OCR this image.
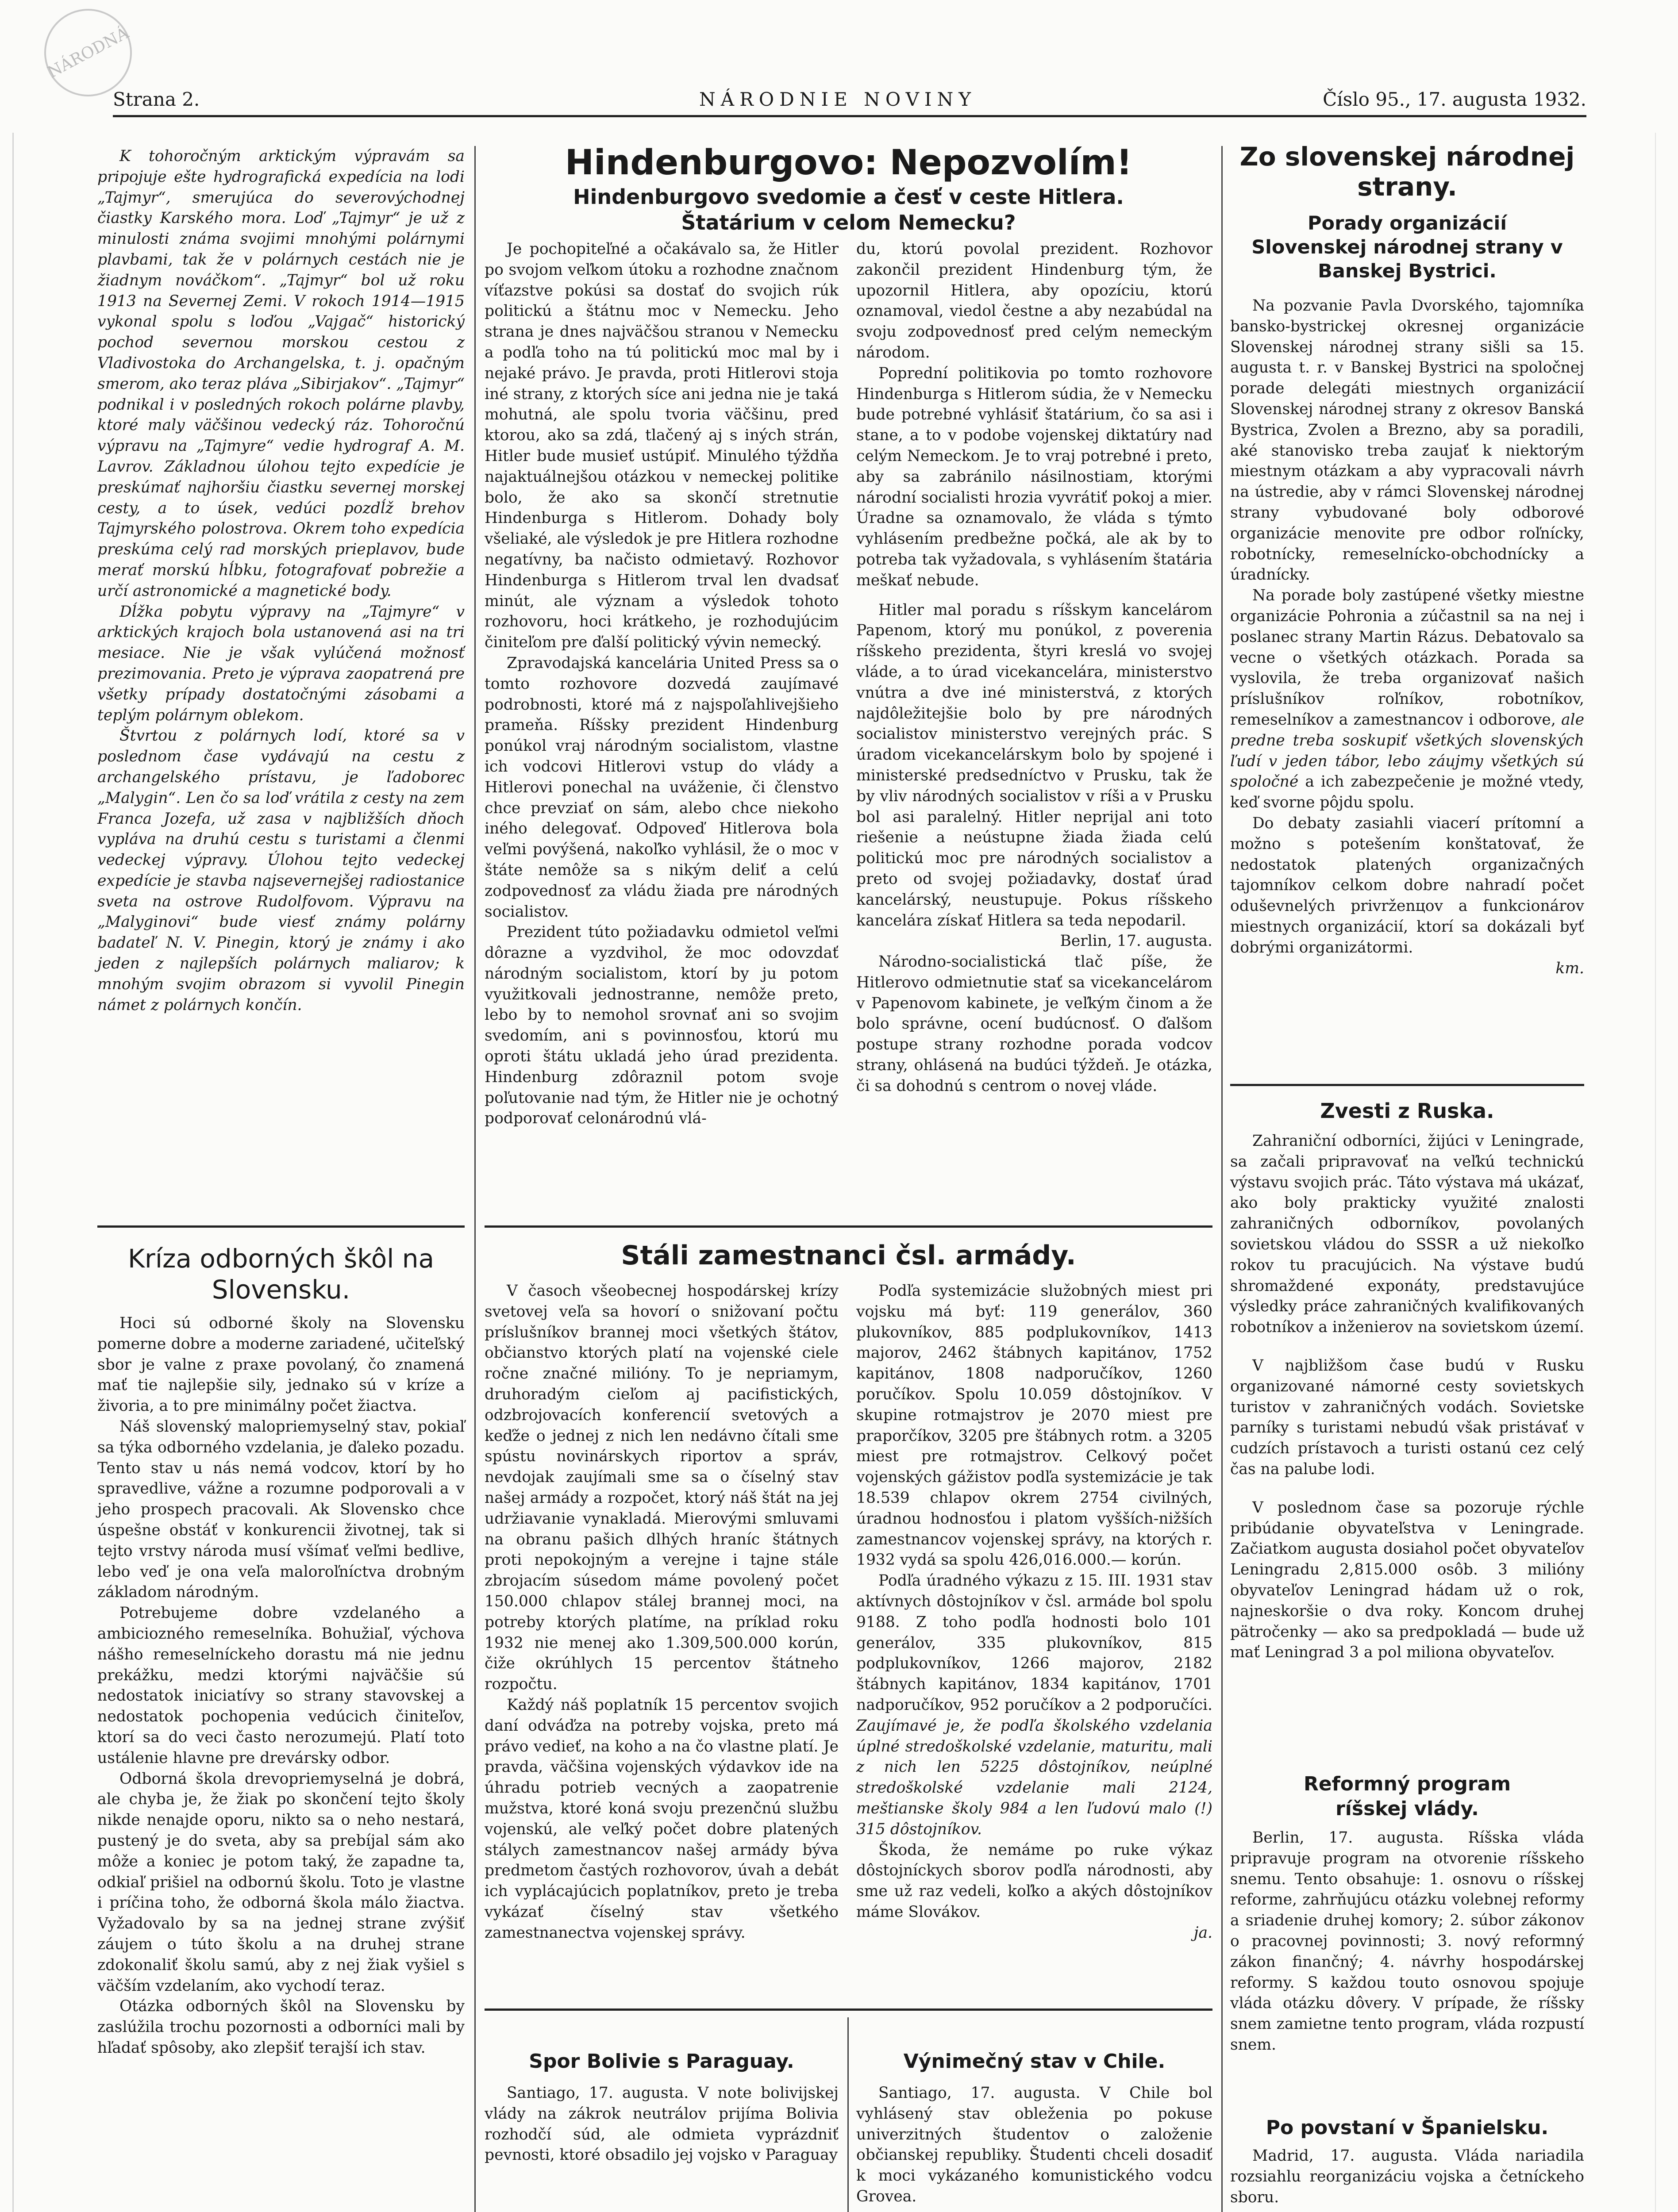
NÁRODNÁ
Strana 2.	NÁRODNIE NOVINY	Číslo 95., 17. augusta 1932.

K tohoročným arktickým výpravám sa pripojuje ešte hydrografická expedícia na lodi „Tajmyr“, smerujúca do severovýchodnej čiastky Karského mora. Loď „Tajmyr“ je už z minulosti známa svojimi mnohými polárnymi plavbami, tak že v polárnych cestách nie je žiadnym nováčkom“. „Tajmyr“ bol už roku 1913 na Severnej Zemi. V rokoch 1914—1915 vykonal spolu s loďou „Vajgač“ historický pochod severnou morskou cestou z Vladivostoka do Archangelska, t. j. opačným smerom, ako teraz pláva „Sibirjakov“. „Tajmyr“ podnikal i v posledných rokoch polárne plavby, ktoré maly väčšinou vedecký ráz. Tohoročnú výpravu na „Tajmyre“ vedie hydrograf A. M. Lavrov. Základnou úlohou tejto expedície je preskúmať najhoršiu čiastku severnej morskej cesty, a to úsek, vedúci pozdĺž brehov Tajmyrského polostrova. Okrem toho expedícia preskúma celý rad morských prieplavov, bude merať morskú hĺbku, fotografovať pobrežie a určí astronomické a magnetické body.

Dĺžka pobytu výpravy na „Tajmyre“ v arktických krajoch bola ustanovená asi na tri mesiace. Nie je však vylúčená možnosť prezimovania. Preto je výprava zaopatrená pre všetky prípady dostatočnými zásobami a teplým polárnym oblekom.

Štvrtou z polárnych lodí, ktoré sa v poslednom čase vydávajú na cestu z archangelského prístavu, je ľadoborec „Malygin“. Len čo sa loď vrátila z cesty na zem Franca Jozefa, už zasa v najbližších dňoch vypláva na druhú cestu s turistami a členmi vedeckej výpravy. Úlohou tejto vedeckej expedície je stavba najsevernejšej radiostanice sveta na ostrove Rudolfovom. Výpravu na „Malyginovi“ bude viesť známy polárny badateľ N. V. Pinegin, ktorý je známy i ako jeden z najlepších polárnych maliarov; k mnohým svojim obrazom si vyvolil Pinegin námet z polárnych končín.

Kríza odborných škôl na Slovensku.

Hoci sú odborné školy na Slovensku pomerne dobre a moderne zariadené, učiteľský sbor je valne z praxe povolaný, čo znamená mať tie najlepšie sily, jednako sú v kríze a živoria, a to pre minimálny počet žiactva.

Náš slovenský malopriemyselný stav, pokiaľ sa týka odborného vzdelania, je ďaleko pozadu. Tento stav u nás nemá vodcov, ktorí by ho spravedlive, vážne a rozumne podporovali a v jeho prospech pracovali. Ak Slovensko chce úspešne obstáť v konkurencii životnej, tak si tejto vrstvy národa musí všímať veľmi bedlive, lebo veď je ona veľa maloroľníctva drobným základom národným.

Potrebujeme dobre vzdelaného a ambiciozného remeselníka. Bohužiaľ, výchova nášho remeselníckeho dorastu má nie jednu prekážku, medzi ktorými najväčšie sú nedostatok iniciatívy so strany stavovskej a nedostatok pochopenia vedúcich činiteľov, ktorí sa do veci často nerozumejú. Platí toto ustálenie hlavne pre drevársky odbor.

Odborná škola drevopriemyselná je dobrá, ale chyba je, že žiak po skončení tejto školy nikde nenajde oporu, nikto sa o neho nestará, pustený je do sveta, aby sa prebíjal sám ako môže a koniec je potom taký, že zapadne ta, odkiaľ prišiel na odbornú školu. Toto je vlastne i príčina toho, že odborná škola málo žiactva. Vyžadovalo by sa na jednej strane zvýšiť záujem o túto školu a na druhej strane zdokonaliť školu samú, aby z nej žiak vyšiel s väčším vzdelaním, ako vychodí teraz.

Otázka odborných škôl na Slovensku by zaslúžila trochu pozornosti a odborníci mali by hľadať spôsoby, ako zlepšiť terajší ich stav.

Hindenburgovo: Nepozvolím!
Hindenburgovo svedomie a česť v ceste Hitlera.
Štatárium v celom Nemecku?

Je pochopiteľné a očakávalo sa, že Hitler po svojom veľkom útoku a rozhodne značnom víťazstve pokúsi sa dostať do svojich rúk politickú a štátnu moc v Nemecku. Jeho strana je dnes najväčšou stranou v Nemecku a podľa toho na tú politickú moc mal by i nejaké právo. Je pravda, proti Hitlerovi stoja iné strany, z ktorých síce ani jedna nie je taká mohutná, ale spolu tvoria väčšinu, pred ktorou, ako sa zdá, tlačený aj s iných strán, Hitler bude musieť ustúpiť. Minulého týždňa najaktuálnejšou otázkou v nemeckej politike bolo, že ako sa skončí stretnutie Hindenburga s Hitlerom. Dohady boly všeliaké, ale výsledok je pre Hitlera rozhodne negatívny, ba načisto odmietavý. Rozhovor Hindenburga s Hitlerom trval len dvadsať minút, ale význam a výsledok tohoto rozhovoru, hoci krátkeho, je rozhodujúcim činiteľom pre ďalší politický vývin nemecký.

Zpravodajská kancelária United Press sa o tomto rozhovore dozvedá zaujímavé podrobnosti, ktoré má z najspoľahlivejšieho prameňa. Ríšsky prezident Hindenburg ponúkol vraj národným socialistom, vlastne ich vodcovi Hitlerovi vstup do vlády a Hitlerovi ponechal na uváženie, či členstvo chce prevziať on sám, alebo chce niekoho iného delegovať. Odpoveď Hitlerova bola veľmi povýšená, nakoľko vyhlásil, že o moc v štáte nemôže sa s nikým deliť a celú zodpovednosť za vládu žiada pre národných socialistov.

Prezident túto požiadavku odmietol veľmi dôrazne a vyzdvihol, že moc odovzdať národným socialistom, ktorí by ju potom využitkovali jednostranne, nemôže preto, lebo by to nemohol srovnať ani so svojim svedomím, ani s povinnosťou, ktorú mu oproti štátu ukladá jeho úrad prezidenta. Hindenburg zdôraznil potom svoje poľutovanie nad tým, že Hitler nie je ochotný podporovať celonárodnú vlá-

du, ktorú povolal prezident. Rozhovor zakončil prezident Hindenburg tým, že upozornil Hitlera, aby opozíciu, ktorú oznamoval, viedol čestne a aby nezabúdal na svoju zodpovednosť pred celým nemeckým národom.

Poprední politikovia po tomto rozhovore Hindenburga s Hitlerom súdia, že v Nemecku bude potrebné vyhlásiť štatárium, čo sa asi i stane, a to v podobe vojenskej diktatúry nad celým Nemeckom. Je to vraj potrebné i preto, aby sa zabránilo násilnostiam, ktorými národní socialisti hrozia vyvrátiť pokoj a mier. Úradne sa oznamovalo, že vláda s týmto vyhlásením predbežne počká, ale ak by to potreba tak vyžadovala, s vyhlásením štatária meškať nebude.

Hitler mal poradu s ríšskym kancelárom Papenom, ktorý mu ponúkol, z poverenia ríšskeho prezidenta, štyri kreslá vo svojej vláde, a to úrad vicekancelára, ministerstvo vnútra a dve iné ministerstvá, z ktorých najdôležitejšie bolo by pre národných socialistov ministerstvo verejných prác. S úradom vicekancelárskym bolo by spojené i ministerské predsedníctvo v Prusku, tak že by vliv národných socialistov v ríši a v Prusku bol asi paralelný. Hitler neprijal ani toto riešenie a neústupne žiada žiada celú politickú moc pre národných socialistov a preto od svojej požiadavky, dostať úrad kancelárský, neustupuje. Pokus ríšskeho kancelára získať Hitlera sa teda nepodaril.

Berlin, 17. augusta.

Národno-socialistická tlač píše, že Hitlerovo odmietnutie stať sa vicekancelárom v Papenovom kabinete, je veľkým činom a že bolo správne, ocení budúcnosť. O ďalšom postupe strany rozhodne porada vodcov strany, ohlásená na budúci týždeň. Je otázka, či sa dohodnú s centrom o novej vláde.

Stáli zamestnanci čsl. armády.

V časoch všeobecnej hospodárskej krízy svetovej veľa sa hovorí o snižovaní počtu príslušníkov brannej moci všetkých štátov, občianstvo ktorých platí na vojenské ciele ročne značné milióny. To je nepriamym, druhoradým cieľom aj pacifistických, odzbrojovacích konferencií svetových a keďže o jednej z nich len nedávno čítali sme spústu novinárskych riportov a správ, nevdojak zaujímali sme sa o číselný stav našej armády a rozpočet, ktorý náš štát na jej udržiavanie vynakladá. Mierovými smluvami na obranu pašich dlhých hraníc štátnych proti nepokojným a verejne i tajne stále zbrojacím súsedom máme povolený počet 150.000 chlapov stálej brannej moci, na potreby ktorých platíme, na príklad roku 1932 nie menej ako 1.309,500.000 korún, čiže okrúhlych 15 percentov štátneho rozpočtu.

Každý náš poplatník 15 percentov svojich daní odváďza na potreby vojska, preto má právo vedieť, na koho a na čo vlastne platí. Je pravda, väčšina vojenských výdavkov ide na úhradu potrieb vecných a zaopatrenie mužstva, ktoré koná svoju prezenčnú službu vojenskú, ale veľký počet dobre platených stálych zamestnancov našej armády býva predmetom častých rozhovorov, úvah a debát ich vyplácajúcich poplatníkov, preto je treba vykázať číselný stav všetkého zamestnanectva vojenskej správy.

Podľa systemizácie služobných miest pri vojsku má byť: 119 generálov, 360 plukovníkov, 885 podplukovníkov, 1413 majorov, 2462 štábnych kapitánov, 1752 kapitánov, 1808 nadporučíkov, 1260 poručíkov. Spolu 10.059 dôstojníkov. V skupine rotmajstrov je 2070 miest pre praporčíkov, 3205 pre štábnych rotm. a 3205 miest pre rotmajstrov. Celkový počet vojenských gážistov podľa systemizácie je tak 18.539 chlapov okrem 2754 civilných, úradnou hodnosťou i platom vyšších-nižších zamestnancov vojenskej správy, na ktorých r. 1932 vydá sa spolu 426,016.000.— korún.

Podľa úradného výkazu z 15. III. 1931 stav aktívnych dôstojníkov v čsl. armáde bol spolu 9188. Z toho podľa hodnosti bolo 101 generálov, 335 plukovníkov, 815 podplukovníkov, 1266 majorov, 2182 štábnych kapitánov, 1834 kapitánov, 1701 nadporučíkov, 952 poručíkov a 2 podporučíci. Zaujímavé je, že podľa školského vzdelania úplné stredoškolské vzdelanie, maturitu, mali z nich len 5225 dôstojníkov, neúplné stredoškolské vzdelanie mali 2124, meštianske školy 984 a len ľudovú malo (!) 315 dôstojníkov.

Škoda, že nemáme po ruke výkaz dôstojníckych sborov podľa národnosti, aby sme už raz vedeli, koľko a akých dôstojníkov máme Slovákov.

ja.

Spor Bolivie s Paraguay.

Santiago, 17. augusta. V note bolivijskej vlády na zákrok neutrálov prijíma Bolivia rozhodčí súd, ale odmieta vyprázdniť pevnosti, ktoré obsadilo jej vojsko v Paraguay

Výnimečný stav v Chile.

Santiago, 17. augusta. V Chile bol vyhlásený stav obleženia po pokuse univerzitných študentov o založenie občianskej republiky. Študenti chceli dosadiť k moci vykázaného komunistického vodcu Grovea.

Zo slovenskej národnej strany.
Porady organizácií Slovenskej národnej strany v Banskej Bystrici.

Na pozvanie Pavla Dvorského, tajomníka bansko-bystrickej okresnej organizácie Slovenskej národnej strany sišli sa 15. augusta t. r. v Banskej Bystrici na spoločnej porade delegáti miestnych organizácií Slovenskej národnej strany z okresov Banská Bystrica, Zvolen a Brezno, aby sa poradili, aké stanovisko treba zaujať k niektorým miestnym otázkam a aby vypracovali návrh na ústredie, aby v rámci Slovenskej národnej strany vybudované boly odborové organizácie menovite pre odbor roľnícky, robotnícky, remeselnícko-obchodnícky a úradnícky.

Na porade boly zastúpené všetky miestne organizácie Pohronia a zúčastnil sa na nej i poslanec strany Martin Rázus. Debatovalo sa vecne o všetkých otázkach. Porada sa vyslovila, že treba organizovať našich príslušníkov roľníkov, robotníkov, remeselníkov a zamestnancov i odborove, ale predne treba soskupiť všetkých slovenských ľudí v jeden tábor, lebo záujmy všetkých sú spoločné a ich zabezpečenie je možné vtedy, keď svorne pôjdu spolu.

Do debaty zasiahli viacerí prítomní a možno s potešením konštatovať, že nedostatok platených organizačných tajomníkov celkom dobre nahradí počet oduševnelých privrženцov a funkcionárov miestnych organizácií, ktorí sa dokázali byť dobrými organizátormi.

km.

Zvesti z Ruska.

Zahraniční odborníci, žijúci v Leningrade, sa začali pripravovať na veľkú technickú výstavu svojich prác. Táto výstava má ukázať, ako boly prakticky využité znalosti zahraničných odborníkov, povolaných sovietskou vládou do SSSR a už niekoľko rokov tu pracujúcich. Na výstave budú shromaždené exponáty, predstavujúce výsledky práce zahraničných kvalifikovaných robotníkov a inženierov na sovietskom území.

V najbližšom čase budú v Rusku organizované námorné cesty sovietskych turistov v zahraničných vodách. Sovietske parníky s turistami nebudú však pristávať v cudzích prístavoch a turisti ostanú cez celý čas na palube lodi.

V poslednom čase sa pozoruje rýchle pribúdanie obyvateľstva v Leningrade. Začiatkom augusta dosiahol počet obyvateľov Leningradu 2,815.000 osôb. 3 milióny obyvateľov Leningrad hádam už o rok, najneskoršie o dva roky. Koncom druhej pätročenky — ako sa predpokladá — bude už mať Leningrad 3 a pol miliona obyvateľov.

Reformný program ríšskej vlády.

Berlin, 17. augusta. Ríšska vláda pripravuje program na otvorenie ríšskeho snemu. Tento obsahuje: 1. osnovu o ríšskej reforme, zahrňujúcu otázku volebnej reformy a sriadenie druhej komory; 2. súbor zákonov o pracovnej povinnosti; 3. nový reformný zákon finančný; 4. návrhy hospodárskej reformy. S každou touto osnovou spojuje vláda otázku dôvery. V prípade, že ríšsky snem zamietne tento program, vláda rozpustí snem.

Po povstaní v Španielsku.

Madrid, 17. augusta. Vláda nariadila rozsiahlu reorganizáciu vojska a četníckeho sboru.
